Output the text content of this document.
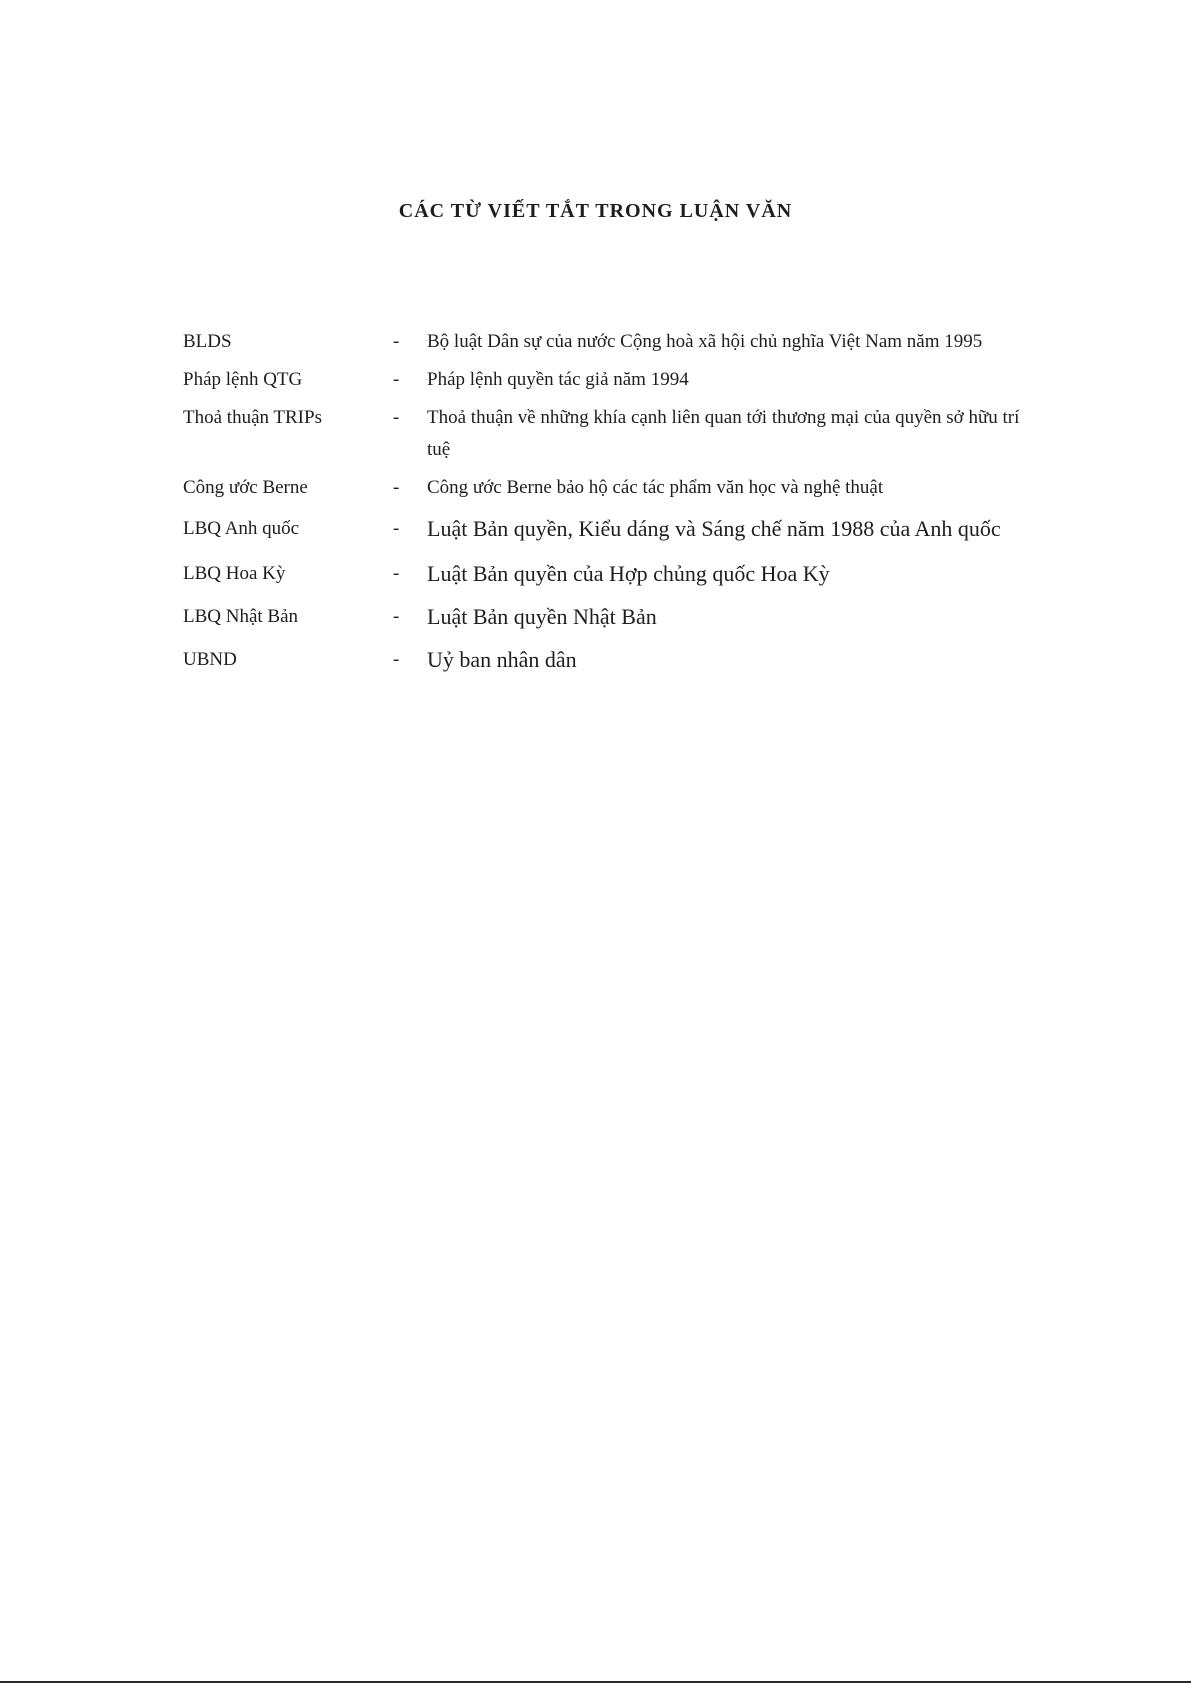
CÁC TỪ VIẾT TẮT TRONG LUẬN VĂN
BLDS	-	Bộ luật Dân sự của nước Cộng hoà xã hội chủ nghĩa Việt Nam năm 1995
Pháp lệnh QTG	-	Pháp lệnh quyền tác giả năm 1994
Thoả thuận TRIPs	-	Thoả thuận về những khía cạnh liên quan tới thương mại của quyền sở hữu trí tuệ
Công ước Berne	-	Công ước Berne bảo hộ các tác phẩm văn học và nghệ thuật
LBQ Anh quốc	-	Luật Bản quyền, Kiểu dáng và Sáng chế năm 1988 của Anh quốc
LBQ Hoa Kỳ	-	Luật Bản quyền của Hợp chủng quốc Hoa Kỳ
LBQ Nhật Bản	-	Luật Bản quyền Nhật Bản
UBND	-	Uỷ ban nhân dân
